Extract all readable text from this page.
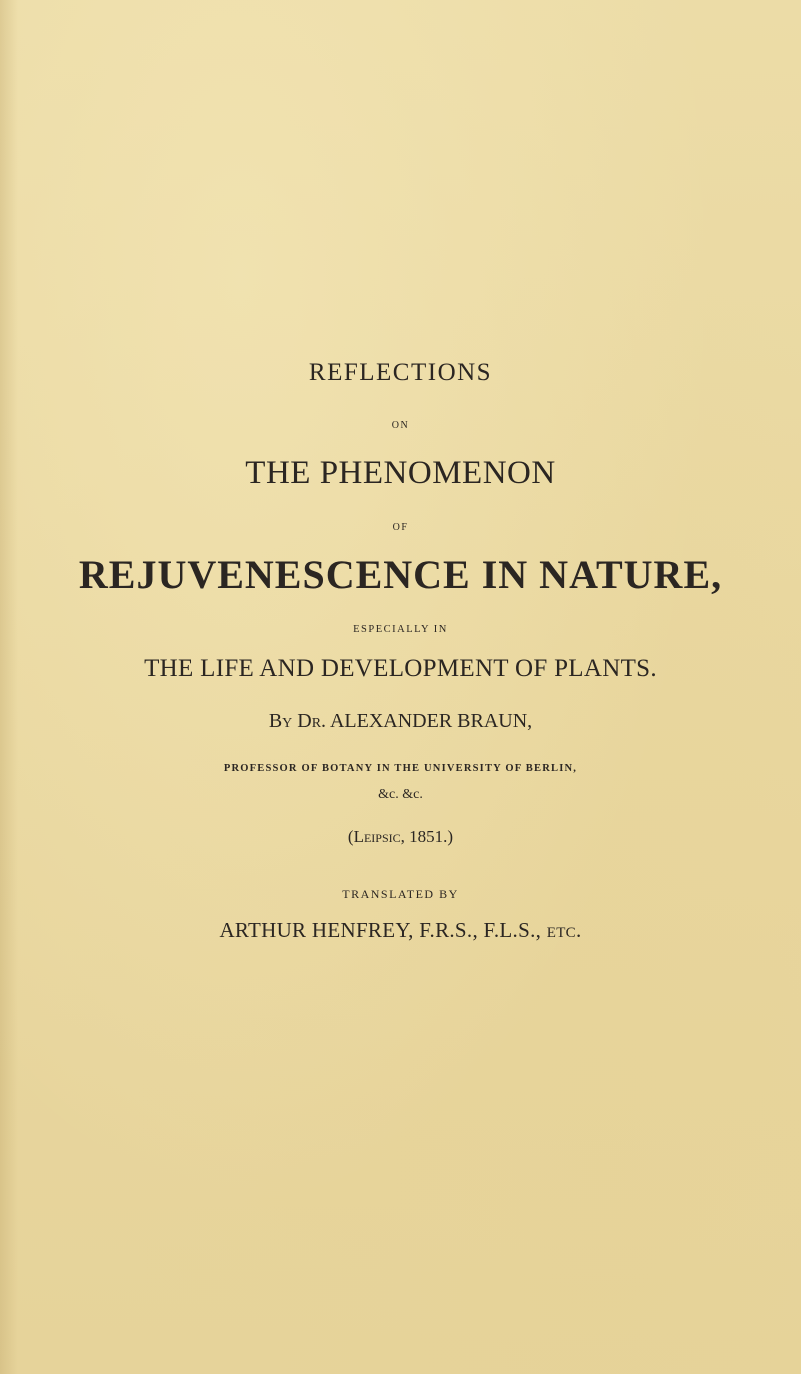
REFLECTIONS
ON
THE PHENOMENON
OF
REJUVENESCENCE IN NATURE,
ESPECIALLY IN
THE LIFE AND DEVELOPMENT OF PLANTS.
By Dr. ALEXANDER BRAUN,
PROFESSOR OF BOTANY IN THE UNIVERSITY OF BERLIN,
&c. &c.
(Leipsic, 1851.)
TRANSLATED BY
ARTHUR HENFREY, F.R.S., F.L.S., etc.
